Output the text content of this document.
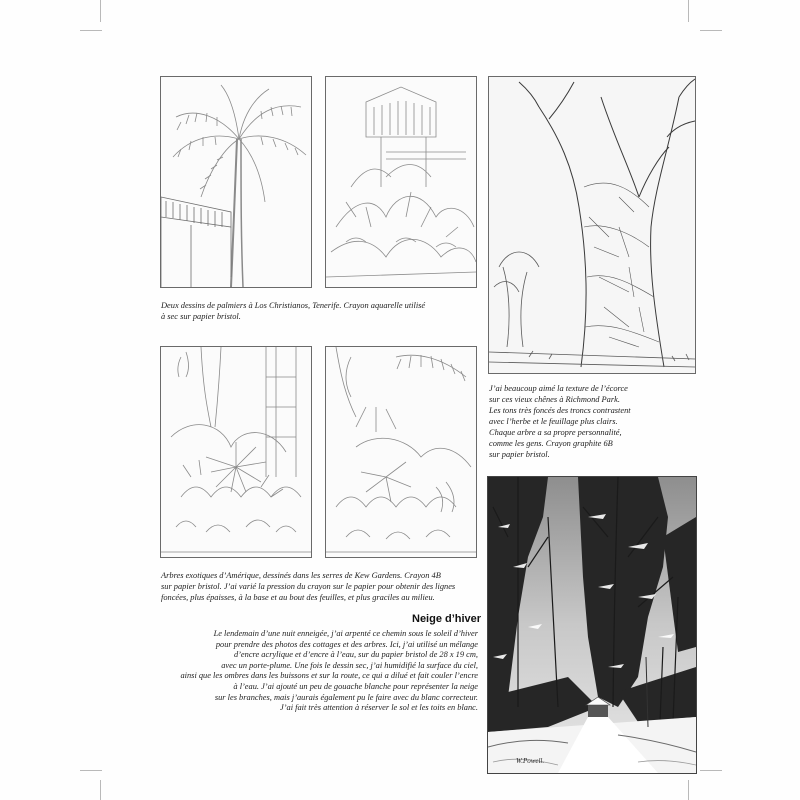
Deux dessins de palmiers à Los Christianos, Tenerife. Crayon aquarelle utilisé
à sec sur papier bristol.
J’ai beaucoup aimé la texture de l’écorce
sur ces vieux chênes à Richmond Park.
Les tons très foncés des troncs contrastent
avec l’herbe et le feuillage plus clairs.
Chaque arbre a sa propre personnalité,
comme les gens. Crayon graphite 6B
sur papier bristol.
Arbres exotiques d’Amérique, dessinés dans les serres de Kew Gardens. Crayon 4B
sur papier bristol. J’ai varié la pression du crayon sur le papier pour obtenir des lignes
foncées, plus épaisses, à la base et au bout des feuilles, et plus graciles au milieu.
Neige d’hiver
Le lendemain d’une nuit enneigée, j’ai arpenté ce chemin sous le soleil d’hiver
pour prendre des photos des cottages et des arbres. Ici, j’ai utilisé un mélange
d’encre acrylique et d’encre à l’eau, sur du papier bristol de 28 x 19 cm,
avec un porte-plume. Une fois le dessin sec, j’ai humidifié la surface du ciel,
ainsi que les ombres dans les buissons et sur la route, ce qui a dilué et fait couler l’encre
à l’eau. J’ai ajouté un peu de gouache blanche pour représenter la neige
sur les branches, mais j’aurais également pu le faire avec du blanc correcteur.
J’ai fait très attention à réserver le sol et les toits en blanc.
W.Powell.
